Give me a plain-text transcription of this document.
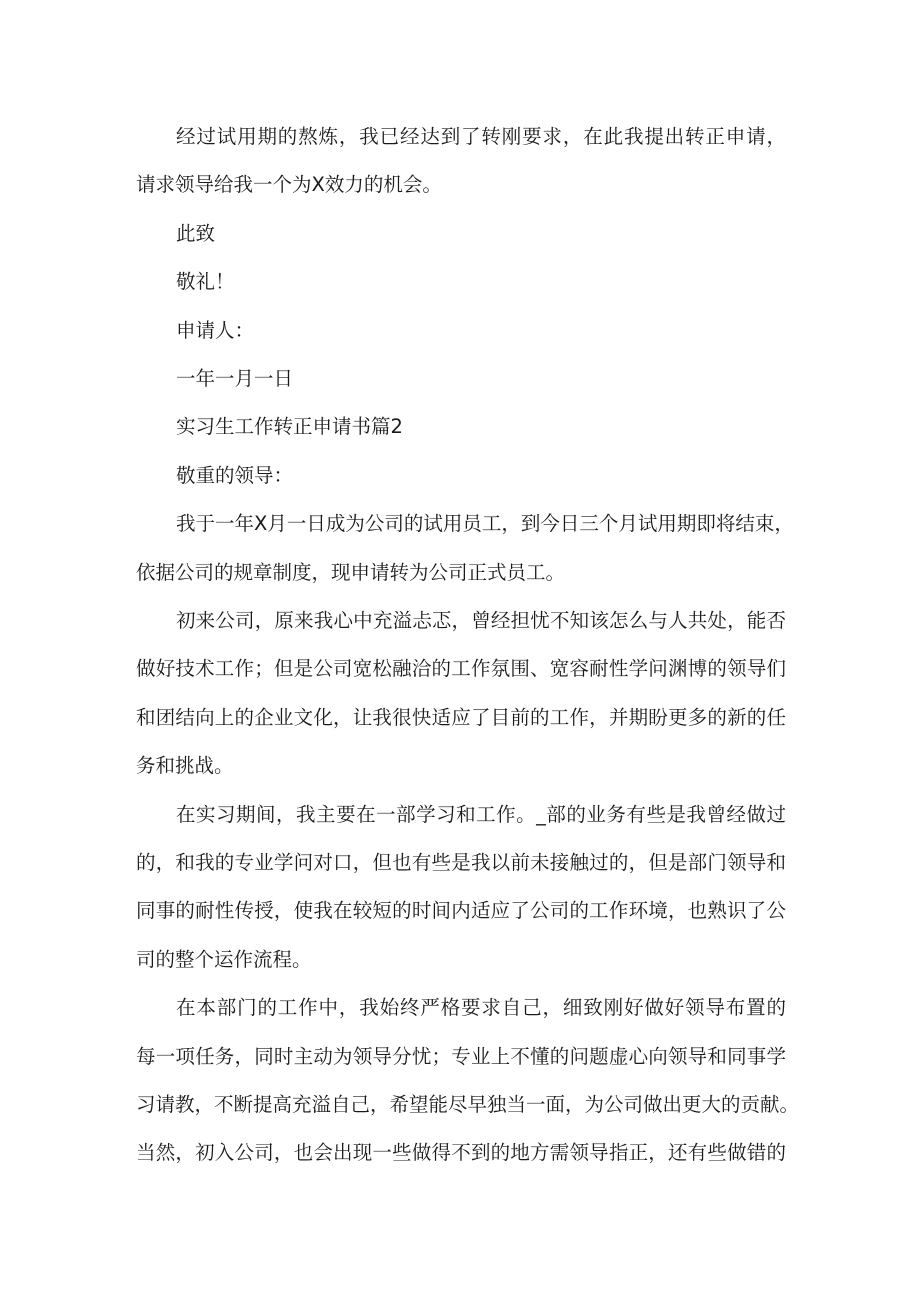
经过试用期的熬炼，我已经达到了转刚要求，在此我提出转正申请，

请求领导给我一个为X效力的机会。

此致

敬礼！

申请人：

一年一月一日

实习生工作转正申请书篇2

敬重的领导：

我于一年X月一日成为公司的试用员工，到今日三个月试用期即将结束，

依据公司的规章制度，现申请转为公司正式员工。

初来公司，原来我心中充溢忐忑，曾经担忧不知该怎么与人共处，能否

做好技术工作；但是公司宽松融洽的工作氛围、宽容耐性学问渊博的领导们

和团结向上的企业文化，让我很快适应了目前的工作，并期盼更多的新的任

务和挑战。

在实习期间，我主要在一部学习和工作。_部的业务有些是我曾经做过

的，和我的专业学问对口，但也有些是我以前未接触过的，但是部门领导和

同事的耐性传授，使我在较短的时间内适应了公司的工作环境，也熟识了公

司的整个运作流程。

在本部门的工作中，我始终严格要求自己，细致刚好做好领导布置的

每一项任务，同时主动为领导分忧；专业上不懂的问题虚心向领导和同事学

习请教，不断提高充溢自己，希望能尽早独当一面，为公司做出更大的贡献。

当然，初入公司，也会出现一些做得不到的地方需领导指正，还有些做错的
